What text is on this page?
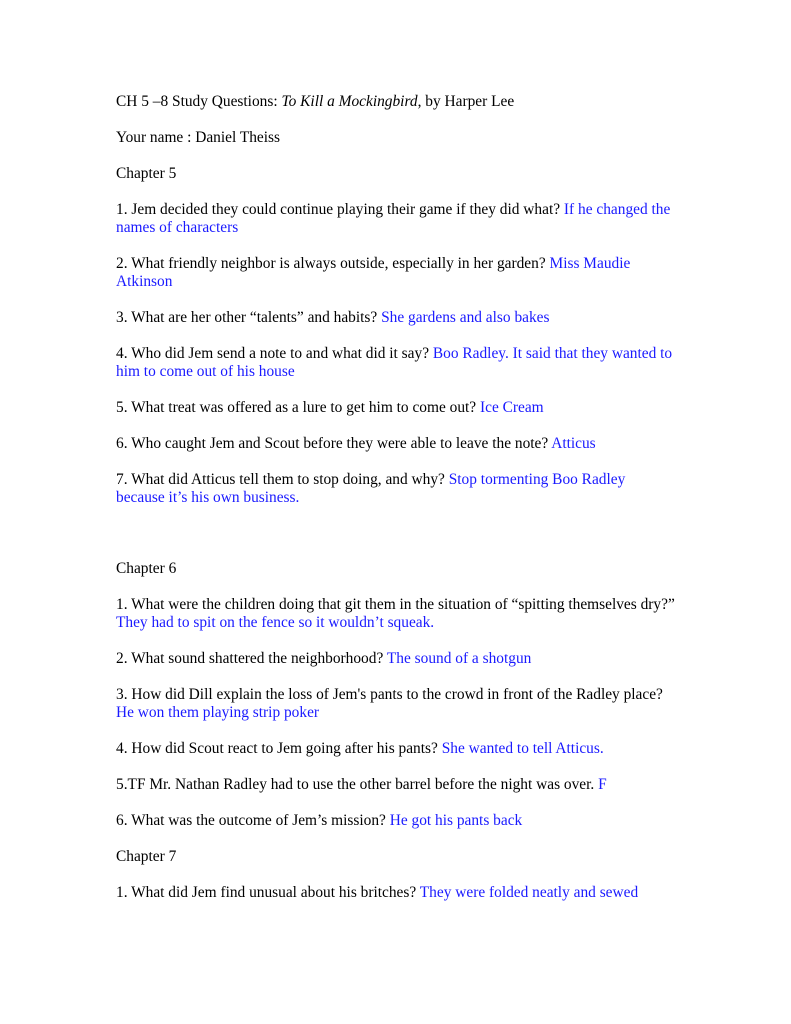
CH 5 –8 Study Questions: To Kill a Mockingbird, by Harper Lee
Your name : Daniel Theiss
Chapter 5
1. Jem decided they could continue playing their game if they did what? If he changed the names of characters
2. What friendly neighbor is always outside, especially in her garden? Miss Maudie Atkinson
3. What are her other “talents” and habits? She gardens and also bakes
4. Who did Jem send a note to and what did it say? Boo Radley. It said that they wanted to him to come out of his house
5. What treat was offered as a lure to get him to come out? Ice Cream
6. Who caught Jem and Scout before they were able to leave the note? Atticus
7. What did Atticus tell them to stop doing, and why? Stop tormenting Boo Radley because it’s his own business.
Chapter 6
1. What were the children doing that git them in the situation of “spitting themselves dry?” They had to spit on the fence so it wouldn’t squeak.
2. What sound shattered the neighborhood? The sound of a shotgun
3. How did Dill explain the loss of Jem's pants to the crowd in front of the Radley place? He won them playing strip poker
4. How did Scout react to Jem going after his pants? She wanted to tell Atticus.
5.TF Mr. Nathan Radley had to use the other barrel before the night was over. F
6. What was the outcome of Jem’s mission? He got his pants back
Chapter 7
1. What did Jem find unusual about his britches? They were folded neatly and sewed
